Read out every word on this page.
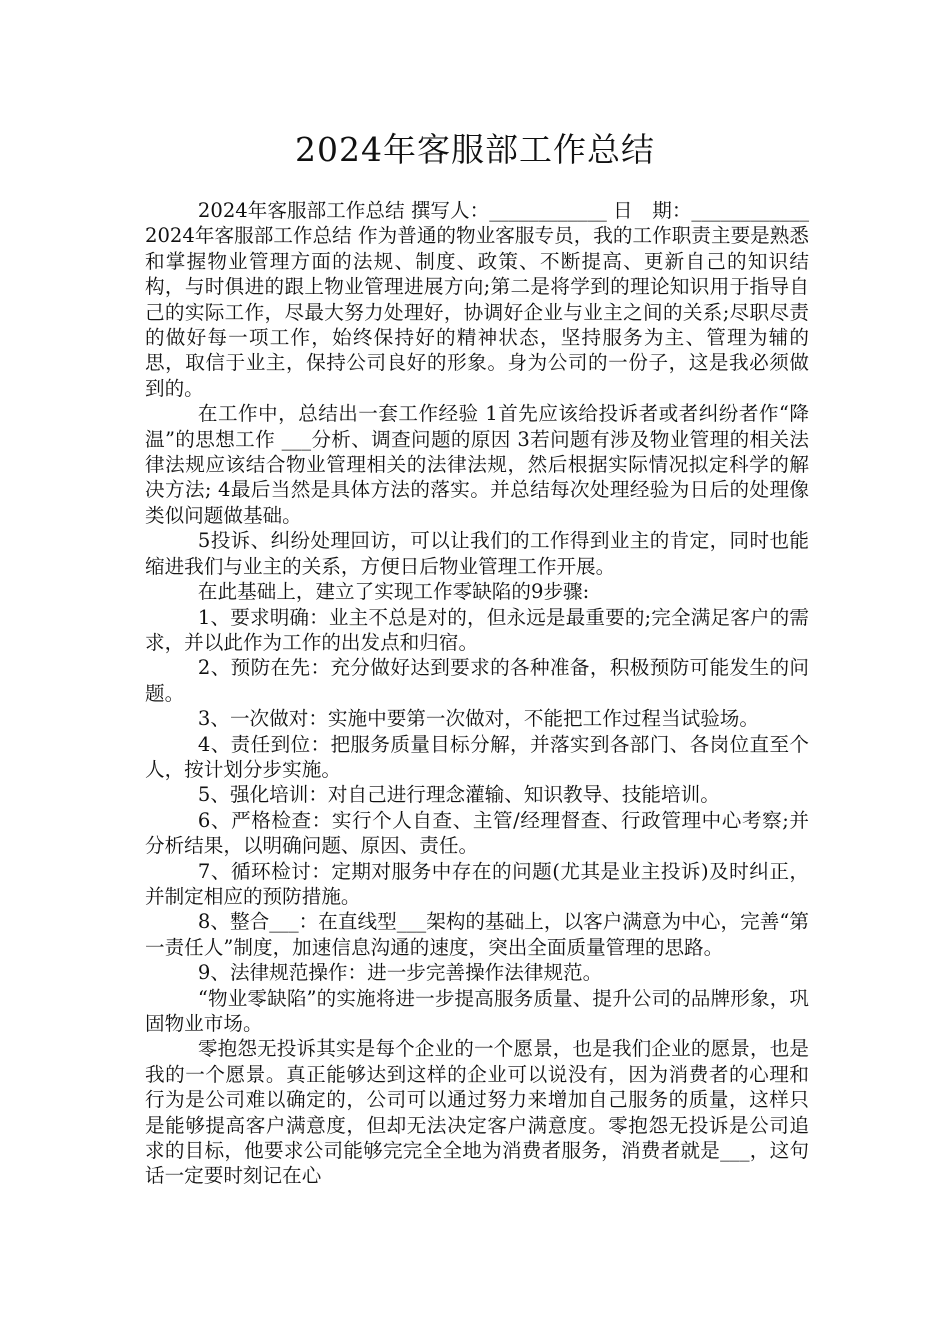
2024年客服部工作总结

2024年客服部工作总结 撰写人：____________ 日　期：____________ 2024年客服部工作总结 作为普通的物业客服专员，我的工作职责主要是熟悉和掌握物业管理方面的法规、制度、政策、不断提高、更新自己的知识结构，与时俱进的跟上物业管理进展方向;第二是将学到的理论知识用于指导自己的实际工作，尽最大努力处理好，协调好企业与业主之间的关系;尽职尽责的做好每一项工作，始终保持好的精神状态，坚持服务为主、管理为辅的思，取信于业主，保持公司良好的形象。身为公司的一份子，这是我必须做到的。

在工作中，总结出一套工作经验 1首先应该给投诉者或者纠纷者作“降温”的思想工作 ___分析、调查问题的原因 3若问题有涉及物业管理的相关法律法规应该结合物业管理相关的法律法规，然后根据实际情况拟定科学的解决方法; 4最后当然是具体方法的落实。并总结每次处理经验为日后的处理像类似问题做基础。

5投诉、纠纷处理回访，可以让我们的工作得到业主的肯定，同时也能缩进我们与业主的关系，方便日后物业管理工作开展。

在此基础上，建立了实现工作零缺陷的9步骤:

1、要求明确：业主不总是对的，但永远是最重要的;完全满足客户的需求，并以此作为工作的出发点和归宿。

2、预防在先：充分做好达到要求的各种准备，积极预防可能发生的问题。

3、一次做对：实施中要第一次做对，不能把工作过程当试验场。

4、责任到位：把服务质量目标分解，并落实到各部门、各岗位直至个人，按计划分步实施。

5、强化培训：对自己进行理念灌输、知识教导、技能培训。

6、严格检查：实行个人自查、主管/经理督查、行政管理中心考察;并分析结果，以明确问题、原因、责任。

7、循环检讨：定期对服务中存在的问题(尤其是业主投诉)及时纠正，并制定相应的预防措施。

8、整合___：在直线型___架构的基础上，以客户满意为中心，完善“第一责任人”制度，加速信息沟通的速度，突出全面质量管理的思路。

9、法律规范操作：进一步完善操作法律规范。

“物业零缺陷”的实施将进一步提高服务质量、提升公司的品牌形象，巩固物业市场。

零抱怨无投诉其实是每个企业的一个愿景，也是我们企业的愿景，也是我的一个愿景。真正能够达到这样的企业可以说没有，因为消费者的心理和行为是公司难以确定的，公司可以通过努力来增加自己服务的质量，这样只是能够提高客户满意度，但却无法决定客户满意度。零抱怨无投诉是公司追求的目标，他要求公司能够完完全全地为消费者服务，消费者就是___，这句话一定要时刻记在心
